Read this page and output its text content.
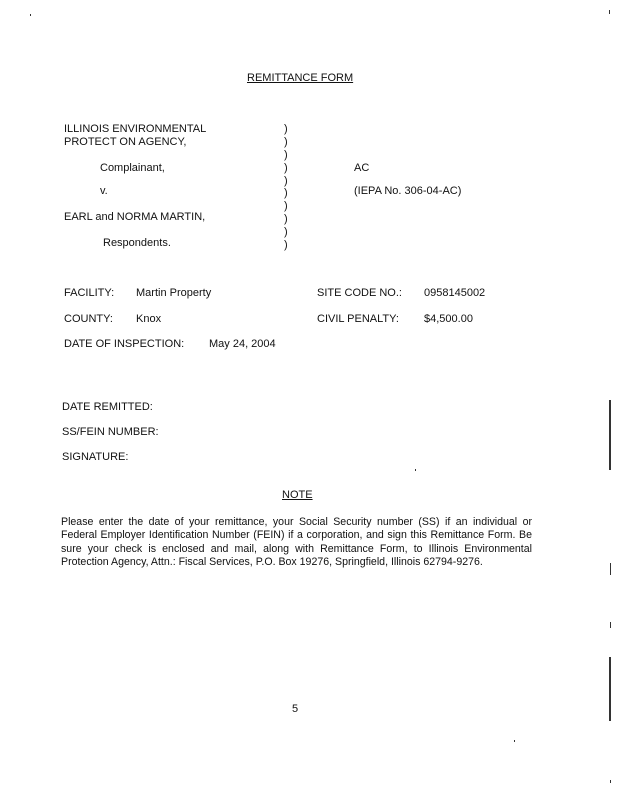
REMITTANCE FORM
ILLINOIS ENVIRONMENTAL
PROTECT ON AGENCY,
Complainant,
v.
EARL and NORMA MARTIN,
Respondents.
)
)
)
)
)
)
)
)
)
)
AC
(IEPA No. 306-04-AC)
FACILITY: Martin Property	SITE CODE NO.: 0958145002
COUNTY: Knox	CIVIL PENALTY: $4,500.00
DATE OF INSPECTION: May 24, 2004
DATE REMITTED:
SS/FEIN NUMBER:
SIGNATURE:
NOTE
Please enter the date of your remittance, your Social Security number (SS) if an individual or Federal Employer Identification Number (FEIN) if a corporation, and sign this Remittance Form. Be sure your check is enclosed and mail, along with Remittance Form, to Illinois Environmental Protection Agency, Attn.: Fiscal Services, P.O. Box 19276, Springfield, Illinois 62794-9276.
5
